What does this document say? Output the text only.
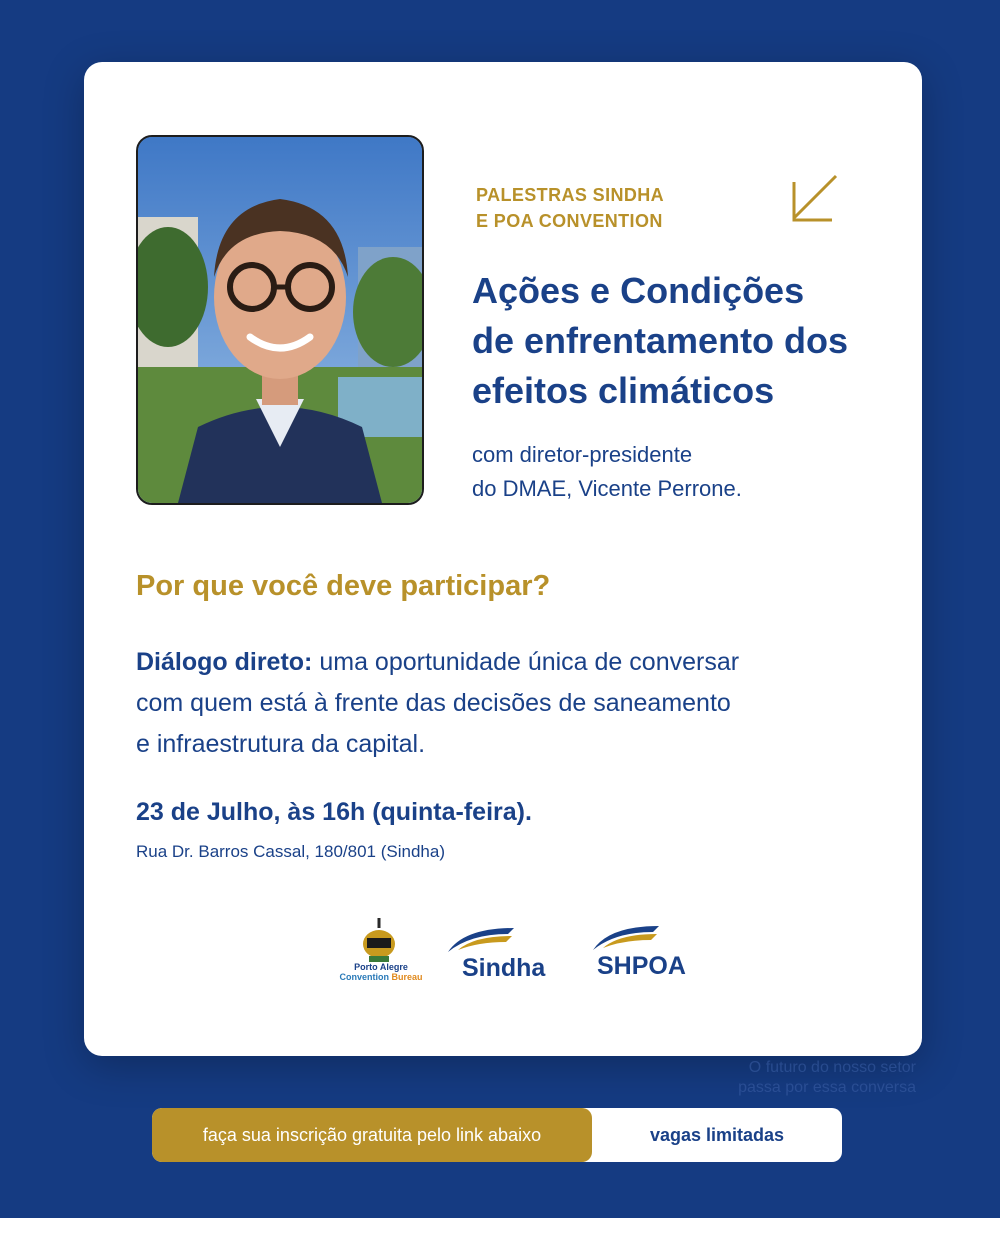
PALESTRAS SINDHA
E POA CONVENTION
Ações e Condições
de enfrentamento dos
efeitos climáticos
com diretor-presidente
do DMAE, Vicente Perrone.
Por que você deve participar?
Diálogo direto: uma oportunidade única de conversar
com quem está à frente das decisões de saneamento
e infraestrutura da capital.
23 de Julho, às 16h (quinta-feira).
Rua Dr. Barros Cassal, 180/801 (Sindha)
Porto Alegre
Convention Bureau Sindha SHPOA
O futuro do nosso setor
passa por essa conversa
faça sua inscrição gratuita pelo link abaixo	vagas limitadas
